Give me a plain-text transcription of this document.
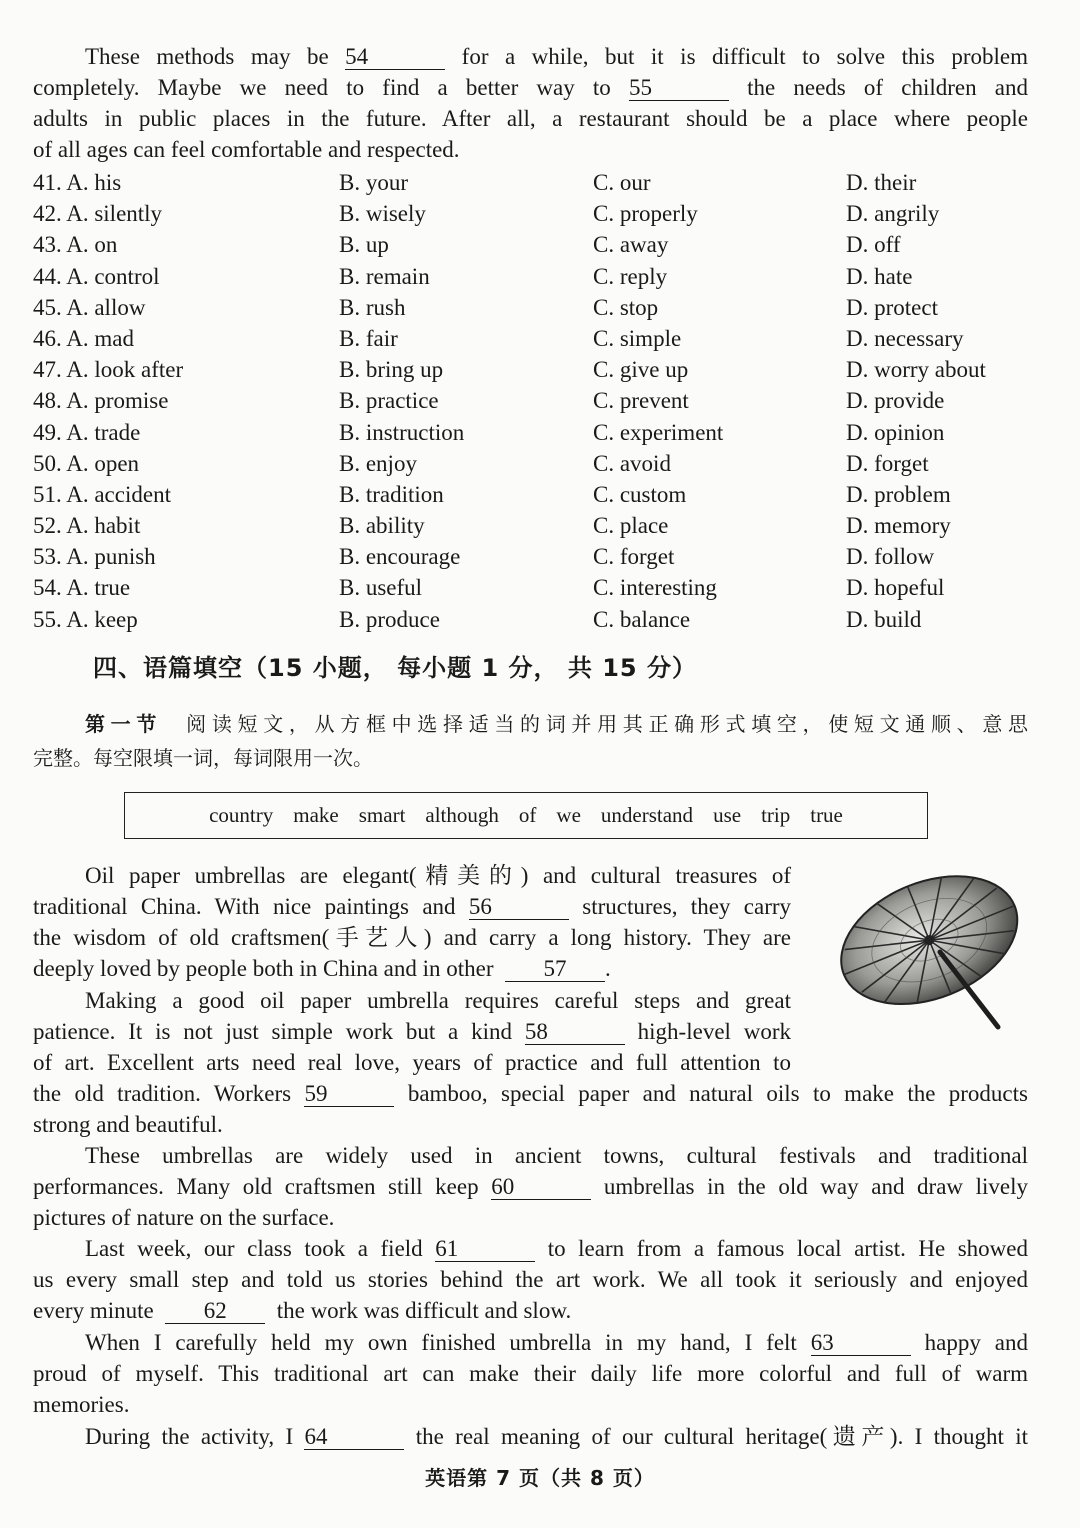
These methods may be 54	for a while, but it is difficult to solve this problem
completely. Maybe we need to find a better way to 55	the needs of children and
adults in public places in the future. After all, a restaurant should be a place where people
of all ages can feel comfortable and respected.
41. A. his	B. your	C. our	D. their
42. A. silently	B. wisely	C. properly	D. angrily
43. A. on	B. up	C. away	D. off
44. A. control	B. remain	C. reply	D. hate
45. A. allow	B. rush	C. stop	D. protect
46. A. mad	B. fair	C. simple	D. necessary
47. A. look after	B. bring up	C. give up	D. worry about
48. A. promise	B. practice	C. prevent	D. provide
49. A. trade	B. instruction	C. experiment	D. opinion
50. A. open	B. enjoy	C. avoid	D. forget
51. A. accident	B. tradition	C. custom	D. problem
52. A. habit	B. ability	C. place	D. memory
53. A. punish	B. encourage	C. forget	D. follow
54. A. true	B. useful	C. interesting	D. hopeful
55. A. keep	B. produce	C. balance	D. build
四、语篇填空（15 小题， 每小题 1 分， 共 15 分）
第一节 阅读短文，从方框中选择适当的词并用其正确形式填空，使短文通顺、意思
完整。每空限填一词，每词限用一次。
country make smart although of we understand use trip true
Oil paper umbrellas are elegant(精美的) and cultural treasures of
traditional China. With nice paintings and 56	structures, they carry
the wisdom of old craftsmen(手艺人) and carry a long history. They are
deeply loved by people both in China and in other 57 .
Making a good oil paper umbrella requires careful steps and great
patience. It is not just simple work but a kind 58	high-level work
of art. Excellent arts need real love, years of practice and full attention to
the old tradition. Workers 59	bamboo, special paper and natural oils to make the products
strong and beautiful.
These umbrellas are widely used in ancient towns, cultural festivals and traditional
performances. Many old craftsmen still keep 60	umbrellas in the old way and draw lively
pictures of nature on the surface.
Last week, our class took a field 61	to learn from a famous local artist. He showed
us every small step and told us stories behind the art work. We all took it seriously and enjoyed
every minute 62 the work was difficult and slow.
When I carefully held my own finished umbrella in my hand, I felt 63	happy and
proud of myself. This traditional art can make their daily life more colorful and full of warm
memories.
During the activity, I 64	the real meaning of our cultural heritage(遗产). I thought it
英语第 7 页（共 8 页）
